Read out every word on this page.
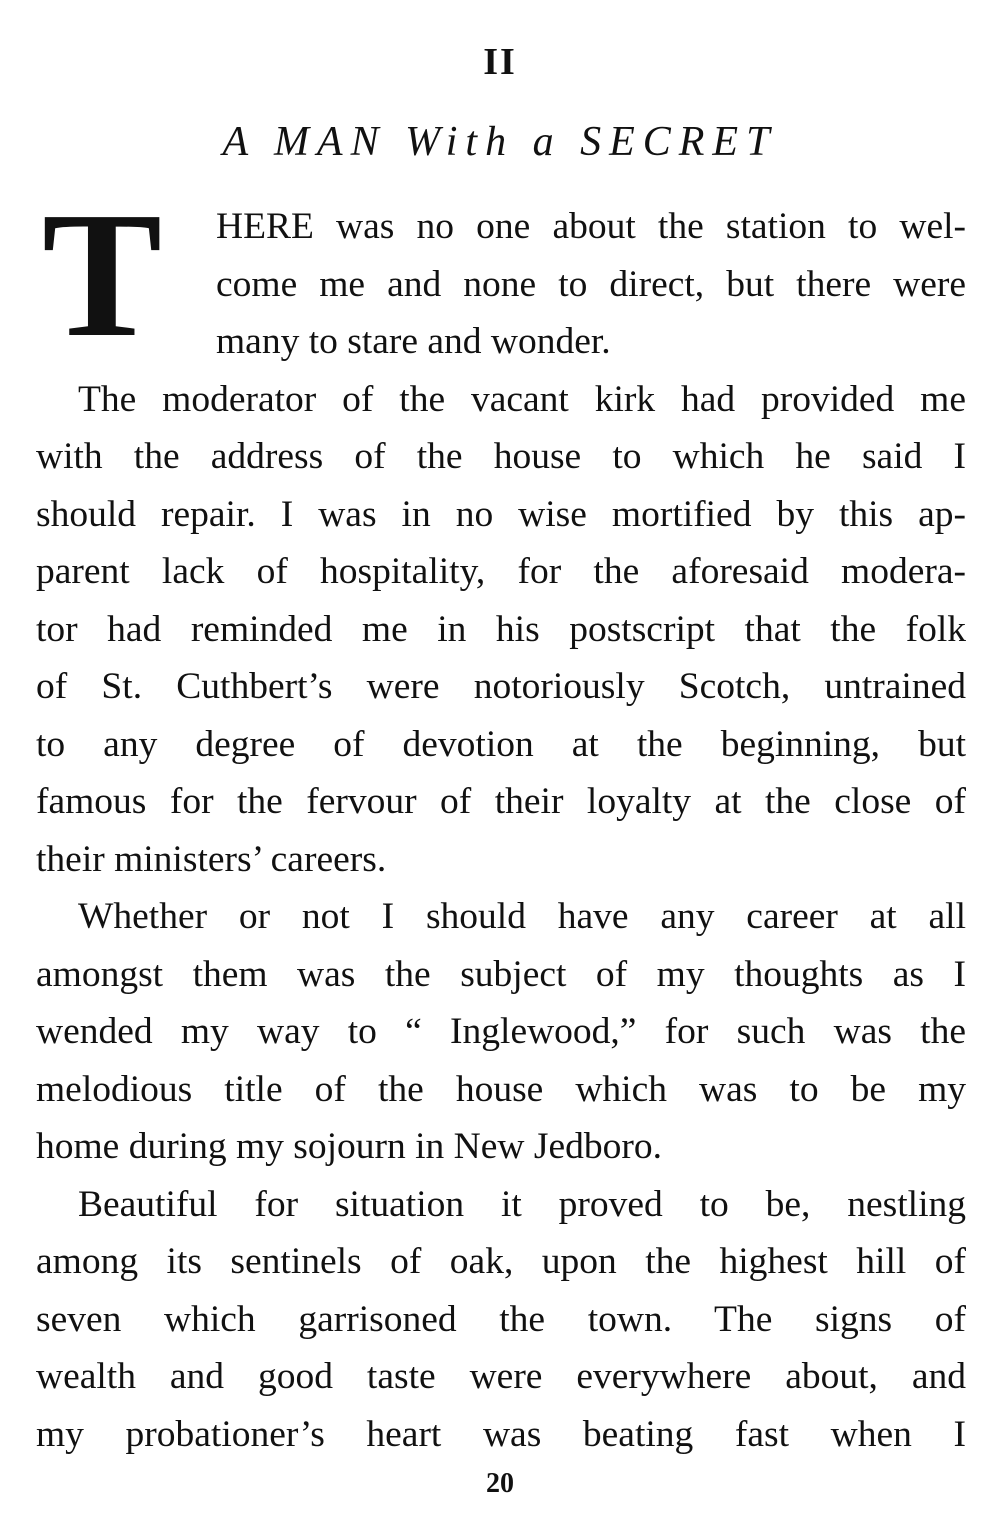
II
A MAN With a SECRET
T	HERE was no one about the station to wel-
come me and none to direct, but there were
many to stare and wonder.
The moderator of the vacant kirk had provided me
with the address of the house to which he said I
should repair. I was in no wise mortified by this ap-
parent lack of hospitality, for the aforesaid modera-
tor had reminded me in his postscript that the folk
of St. Cuthbert’s were notoriously Scotch, untrained
to any degree of devotion at the beginning, but
famous for the fervour of their loyalty at the close of
their ministers’ careers.
Whether or not I should have any career at all
amongst them was the subject of my thoughts as I
wended my way to “ Inglewood,” for such was the
melodious title of the house which was to be my
home during my sojourn in New Jedboro.
Beautiful for situation it proved to be, nestling
among its sentinels of oak, upon the highest hill of
seven which garrisoned the town. The signs of
wealth and good taste were everywhere about, and
my probationer’s heart was beating fast when I
20
